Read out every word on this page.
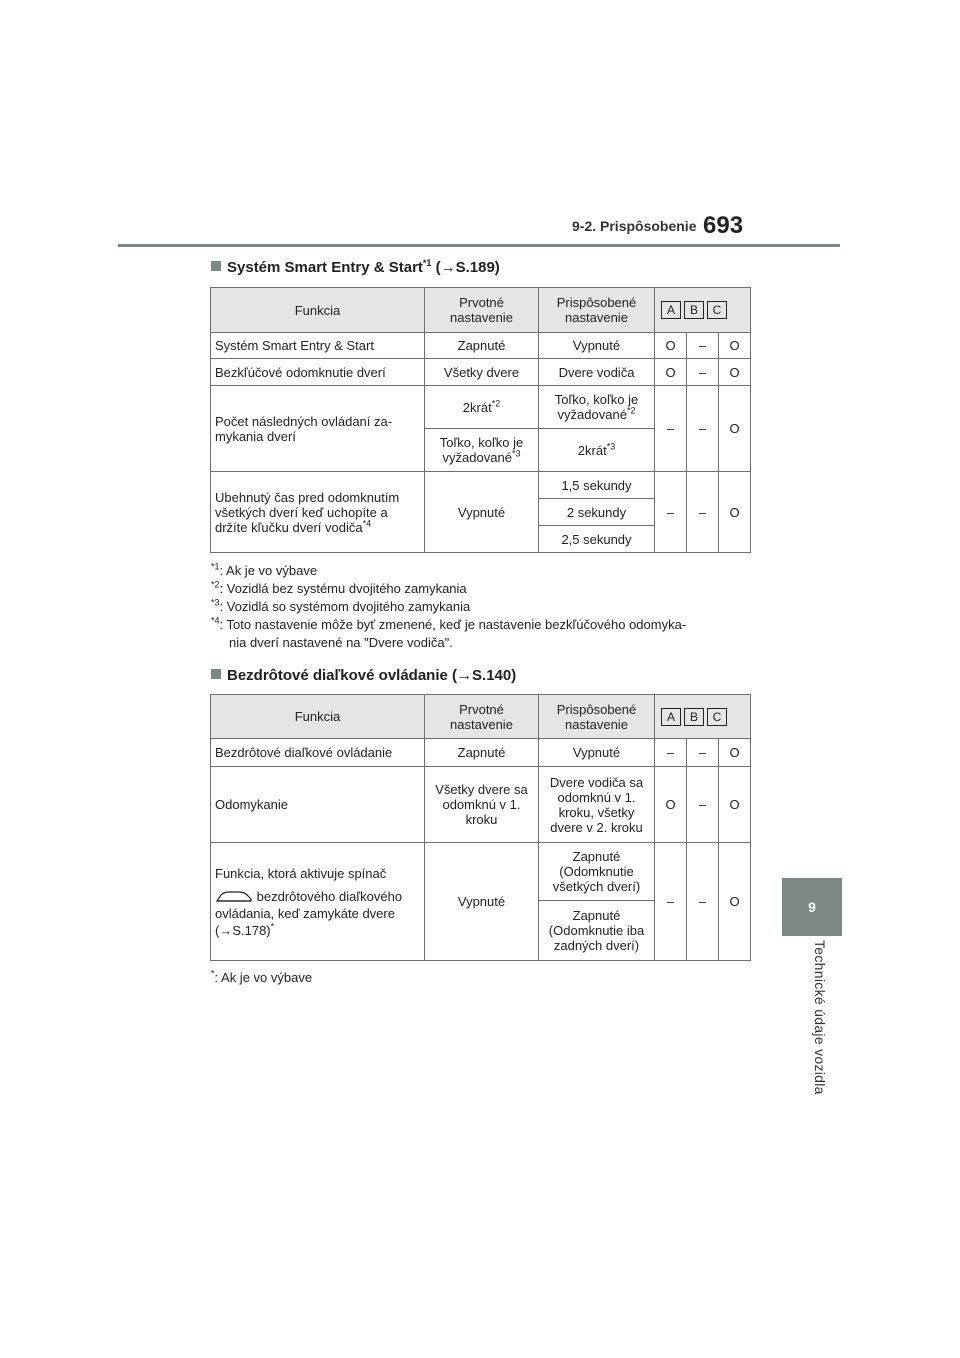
9-2. Prispôsobenie 693
9
Technické údaje vozidla
Systém Smart Entry & Start$^{*1}$ (→S.189)
Funkcia	Prvotné nastavenie	Prispôsobené nastavenie	A B C		

Systém Smart Entry & Start	Zapnuté	Vypnuté	O	–	O
Bezkľúčové odomknutie dverí	Všetky dvere	Dvere vodiča	O	–	O
Počet následných ovládaní za-mykania dverí	2krát$^{*2}$	Toľko, koľko je vyžadované$^{*2}$	–	–	O
	Toľko, koľko je vyžadované$^{*3}$	2krát$^{*3}$
Ubehnutý čas pred odomknutím všetkých dverí keď uchopíte a držíte kľučku dverí vodiča$^{*4}$	Vypnuté	1,5 sekundy	–	–	O
		2 sekundy			
		2,5 sekundy			
$^{*1}$: Ak je vo výbave
$^{*2}$: Vozidlá bez systému dvojitého zamykania
$^{*3}$: Vozidlá so systémom dvojitého zamykania
$^{*4}$: Toto nastavenie môže byť zmenené, keď je nastavenie bezkľúčového odomyka-
nia dverí nastavené na "Dvere vodiča".
Bezdrôtové diaľkové ovládanie (→S.140)
Funkcia	Prvotné nastavenie	Prispôsobené nastavenie	A B C		

Bezdrôtové diaľkové ovládanie	Zapnuté	Vypnuté	–	–	O
Odomykanie	Všetky dvere sa odomknú v 1. kroku	Dvere vodiča sa odomknú v 1. kroku, všetky dvere v 2. kroku	O	–	O

Funkcia, ktorá aktivuje spínač
bezdrôtového diaľkového ovládania, keď zamykáte dvere
(→S.178)*	Vypnuté	Zapnuté (Odomknutie všetkých dverí)	–	–	O
		Zapnuté (Odomknutie iba zadných dverí)			
*: Ak je vo výbave
